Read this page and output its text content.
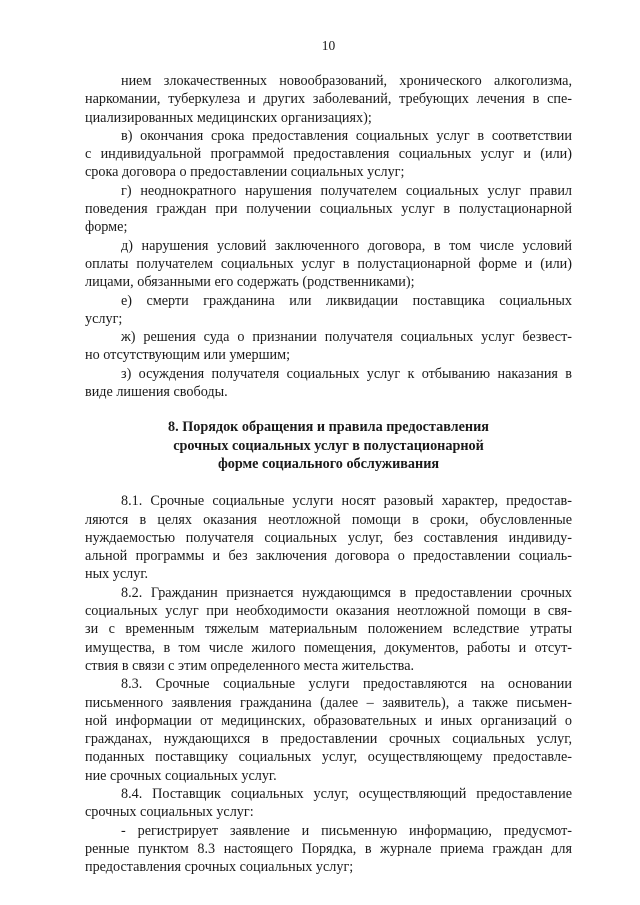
10
нием злокачественных новообразований, хронического алкоголизма,
наркомании, туберкулеза и других заболеваний, требующих лечения в спе-
циализированных медицинских организациях);
в) окончания срока предоставления социальных услуг в соответствии
с индивидуальной программой предоставления социальных услуг и (или)
срока договора о предоставлении социальных услуг;
г) неоднократного нарушения получателем социальных услуг правил
поведения граждан при получении социальных услуг в полустационарной
форме;
д) нарушения условий заключенного договора, в том числе условий
оплаты получателем социальных услуг в полустационарной форме и (или)
лицами, обязанными его содержать (родственниками);
е) смерти гражданина или ликвидации поставщика социальных
услуг;
ж) решения суда о признании получателя социальных услуг безвест-
но отсутствующим или умершим;
з) осуждения получателя социальных услуг к отбыванию наказания в
виде лишения свободы.
8. Порядок обращения и правила предоставления
срочных социальных услуг в полустационарной
форме социального обслуживания
8.1. Срочные социальные услуги носят разовый характер, предостав-
ляются в целях оказания неотложной помощи в сроки, обусловленные
нуждаемостью получателя социальных услуг, без составления индивиду-
альной программы и без заключения договора о предоставлении социаль-
ных услуг.
8.2. Гражданин признается нуждающимся в предоставлении срочных
социальных услуг при необходимости оказания неотложной помощи в свя-
зи с временным тяжелым материальным положением вследствие утраты
имущества, в том числе жилого помещения, документов, работы и отсут-
ствия в связи с этим определенного места жительства.
8.3. Срочные социальные услуги предоставляются на основании
письменного заявления гражданина (далее – заявитель), а также письмен-
ной информации от медицинских, образовательных и иных организаций о
гражданах, нуждающихся в предоставлении срочных социальных услуг,
поданных поставщику социальных услуг, осуществляющему предоставле-
ние срочных социальных услуг.
8.4. Поставщик социальных услуг, осуществляющий предоставление
срочных социальных услуг:
- регистрирует заявление и письменную информацию, предусмот-
ренные пунктом 8.3 настоящего Порядка, в журнале приема граждан для
предоставления срочных социальных услуг;
